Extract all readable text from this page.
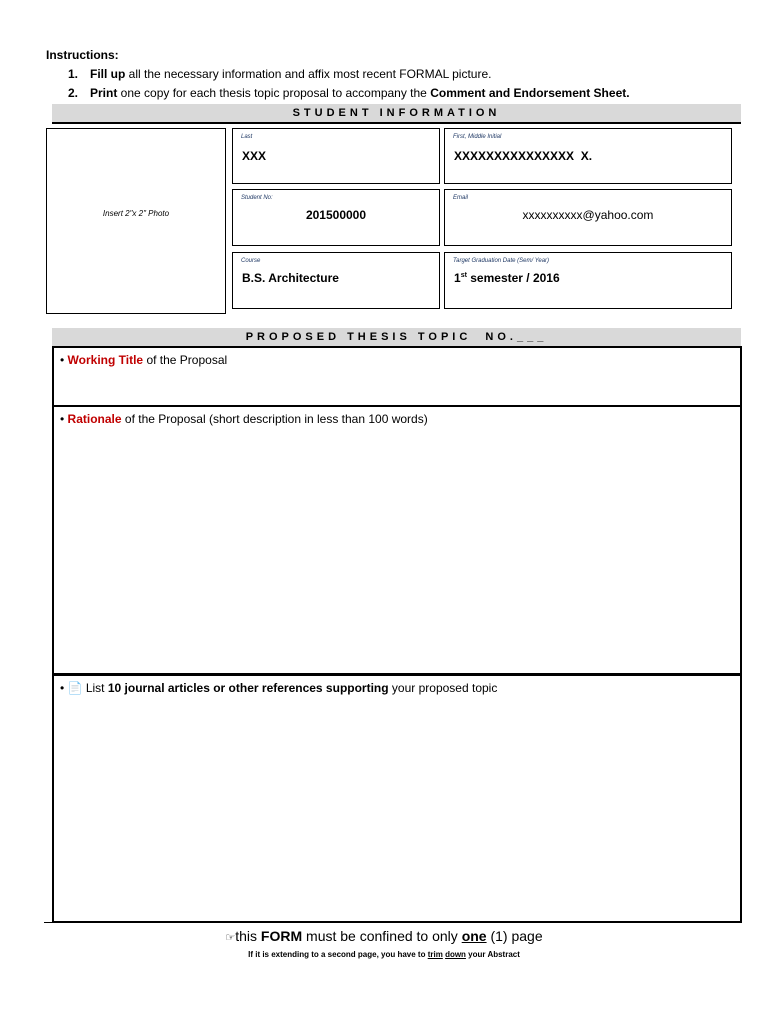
Instructions:
1. Fill up all the necessary information and affix most recent FORMAL picture.
2. Print one copy for each thesis topic proposal to accompany the Comment and Endorsement Sheet.
STUDENT INFORMATION
Insert 2"x 2" Photo
Last
XXX
First, Middle Initial
XXXXXXXXXXXXXXX  X.
Student No:
201500000
Email
xxxxxxxxxx@yahoo.com
Course
B.S. Architecture
Target Graduation Date (Sem/ Year)
1st semester / 2016
PROPOSED THESIS TOPIC  NO.___
• Working Title of the Proposal
• Rationale of the Proposal (short description in less than 100 words)
• 📄 List 10 journal articles or other references supporting your proposed topic
☞this FORM must be confined to only one (1) page
If it is extending to a second page, you have to trim down your Abstract
